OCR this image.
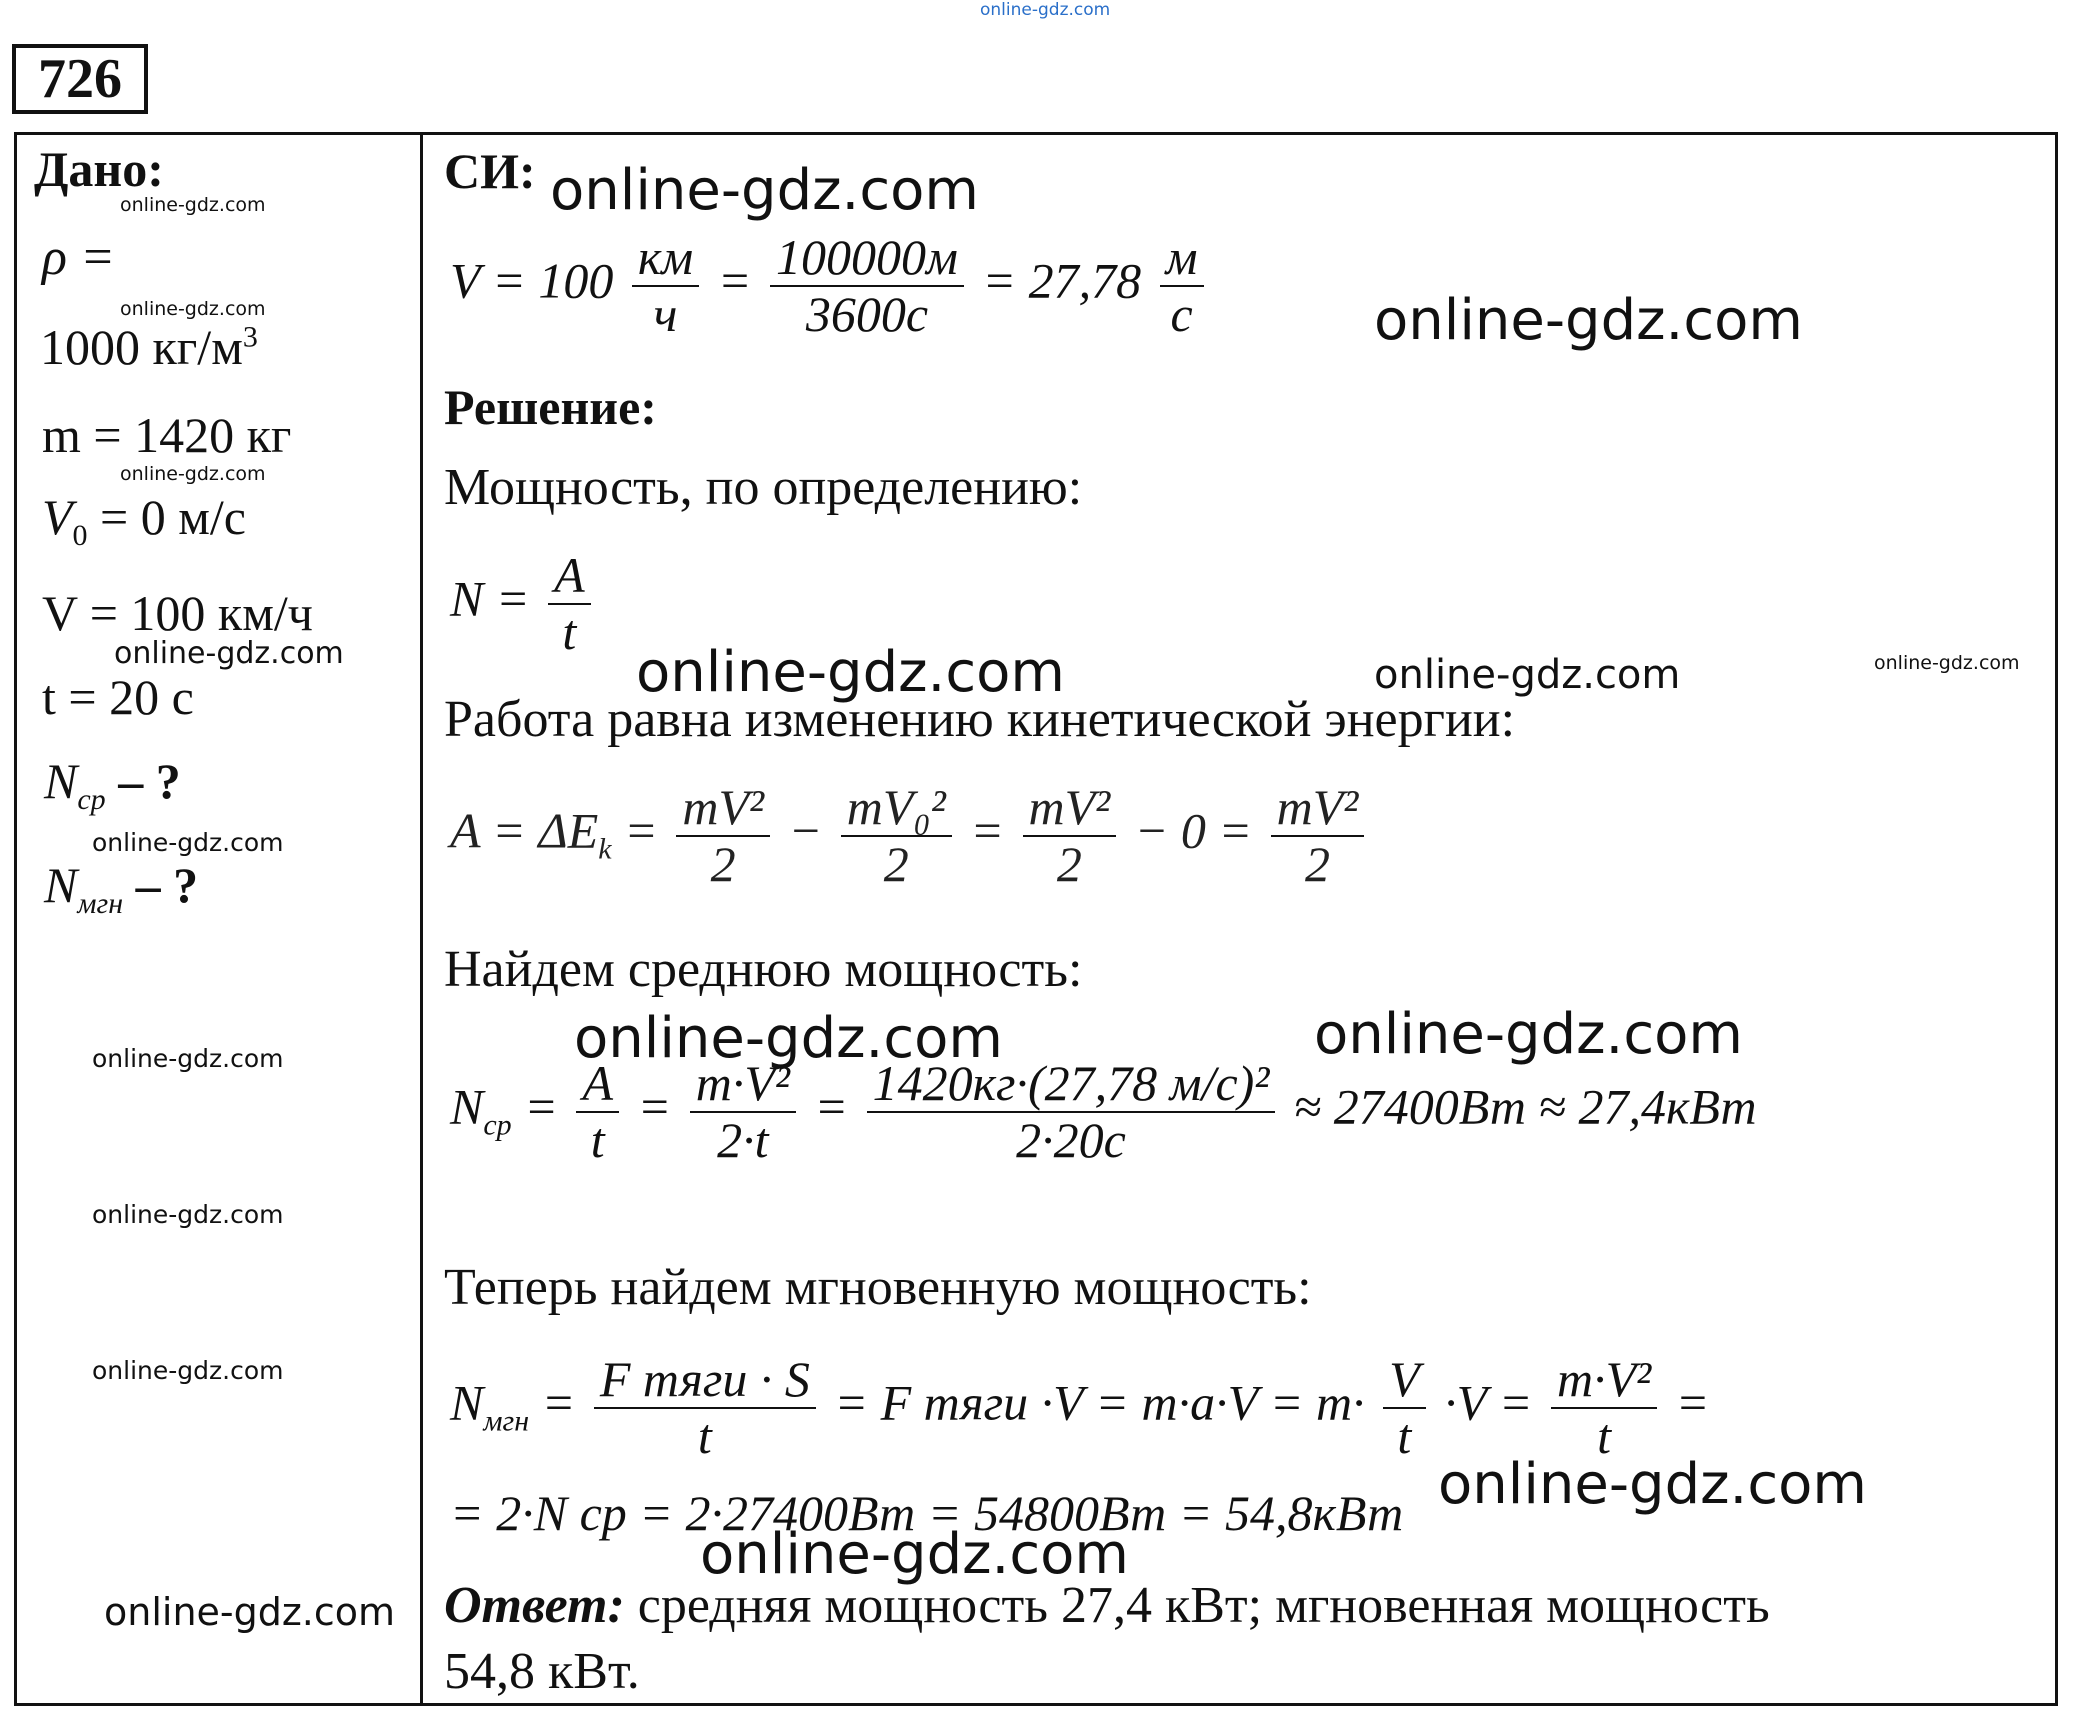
online-gdz.com
726
Дано:
ρ =
1000 $кг/м^3$
m = 1420 кг
$V_0 = 0$ м/с
V = 100 км/ч
t = 20 с
$N_{ср}$ – ?
$N_{мгн}$ – ?
online-gdz.com
online-gdz.com
online-gdz.com
online-gdz.com
online-gdz.com
online-gdz.com
online-gdz.com
online-gdz.com
online-gdz.com
СИ:
$V = 100 \frac{км}{ч} = \frac{100000м}{3600с} = 27,78 \frac{м}{с}$
Решение:
Мощность, по определению:
$N = \frac{A}{t}$
Работа равна изменению кинетической энергии:
$A = \Delta E_k = \frac{\text{mV²}}{2} - \frac{\text{mV₀²}}{2} = \frac{\text{mV²}}{2} - 0 = \frac{\text{mV²}}{2}$
Найдем среднюю мощность:
$N_{ср} = \frac{A}{t} = \frac{\text{m·V²}}{2\cdot t} = \frac{\text{1420кг·(27,78 м/с)²}}{2\cdot 20с} \approx 27400Вт \approx 27,4кВт$
Теперь найдем мгновенную мощность:
$N_{мгн} = \frac{\text{F тяги · S}}{t} = F$ тяги $\cdot V = m\cdot a\cdot V = m\cdot \frac{V}{t} \cdot V = \frac{\text{m·V²}}{t}$ =
= 2·N ср = 2·27400Вт = 54800Вт = 54,8кВт
Ответ: средняя мощность 27,4 кВт; мгновенная мощность
54,8 кВт.
online-gdz.com
online-gdz.com
online-gdz.com	online-gdz.com	online-gdz.com
online-gdz.com	online-gdz.com
online-gdz.com
online-gdz.com
